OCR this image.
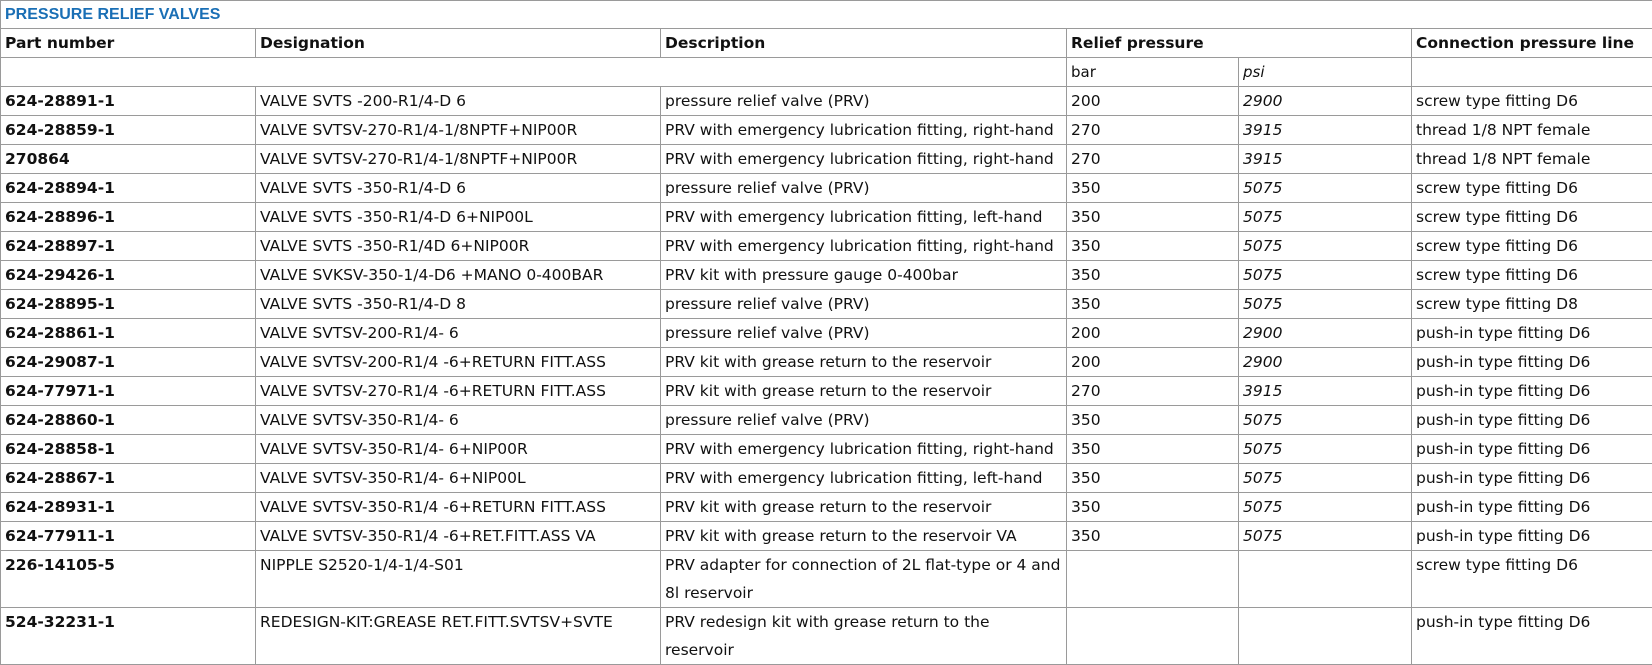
PRESSURE RELIEF VALVES					
Part number	Designation	Description	Relief pressure		Connection pressure line
			bar	psi	
624-28891-1	VALVE SVTS -200-R1/4-D 6	pressure relief valve (PRV)	200	2900	screw type fitting D6
624-28859-1	VALVE SVTSV-270-R1/4-1/8NPTF+NIP00R	PRV with emergency lubrication fitting, right-hand	270	3915	thread 1/8 NPT female
270864	VALVE SVTSV-270-R1/4-1/8NPTF+NIP00R	PRV with emergency lubrication fitting, right-hand	270	3915	thread 1/8 NPT female
624-28894-1	VALVE SVTS -350-R1/4-D 6	pressure relief valve (PRV)	350	5075	screw type fitting D6
624-28896-1	VALVE SVTS -350-R1/4-D 6+NIP00L	PRV with emergency lubrication fitting, left-hand	350	5075	screw type fitting D6
624-28897-1	VALVE SVTS -350-R1/4D 6+NIP00R	PRV with emergency lubrication fitting, right-hand	350	5075	screw type fitting D6
624-29426-1	VALVE SVKSV-350-1/4-D6 +MANO 0-400BAR	PRV kit with pressure gauge 0-400bar	350	5075	screw type fitting D6
624-28895-1	VALVE SVTS -350-R1/4-D 8	pressure relief valve (PRV)	350	5075	screw type fitting D8
624-28861-1	VALVE SVTSV-200-R1/4- 6	pressure relief valve (PRV)	200	2900	push-in type fitting D6
624-29087-1	VALVE SVTSV-200-R1/4 -6+RETURN FITT.ASS	PRV kit with grease return to the reservoir	200	2900	push-in type fitting D6
624-77971-1	VALVE SVTSV-270-R1/4 -6+RETURN FITT.ASS	PRV kit with grease return to the reservoir	270	3915	push-in type fitting D6
624-28860-1	VALVE SVTSV-350-R1/4- 6	pressure relief valve (PRV)	350	5075	push-in type fitting D6
624-28858-1	VALVE SVTSV-350-R1/4- 6+NIP00R	PRV with emergency lubrication fitting, right-hand	350	5075	push-in type fitting D6
624-28867-1	VALVE SVTSV-350-R1/4- 6+NIP00L	PRV with emergency lubrication fitting, left-hand	350	5075	push-in type fitting D6
624-28931-1	VALVE SVTSV-350-R1/4 -6+RETURN FITT.ASS	PRV kit with grease return to the reservoir	350	5075	push-in type fitting D6
624-77911-1	VALVE SVTSV-350-R1/4 -6+RET.FITT.ASS VA	PRV kit with grease return to the reservoir VA	350	5075	push-in type fitting D6
226-14105-5	NIPPLE S2520-1/4-1/4-S01	PRV adapter for connection of 2L flat-type or 4 and 8l reservoir			screw type fitting D6
524-32231-1	REDESIGN-KIT:GREASE RET.FITT.SVTSV+SVTE	PRV redesign kit with grease return to the reservoir			push-in type fitting D6
